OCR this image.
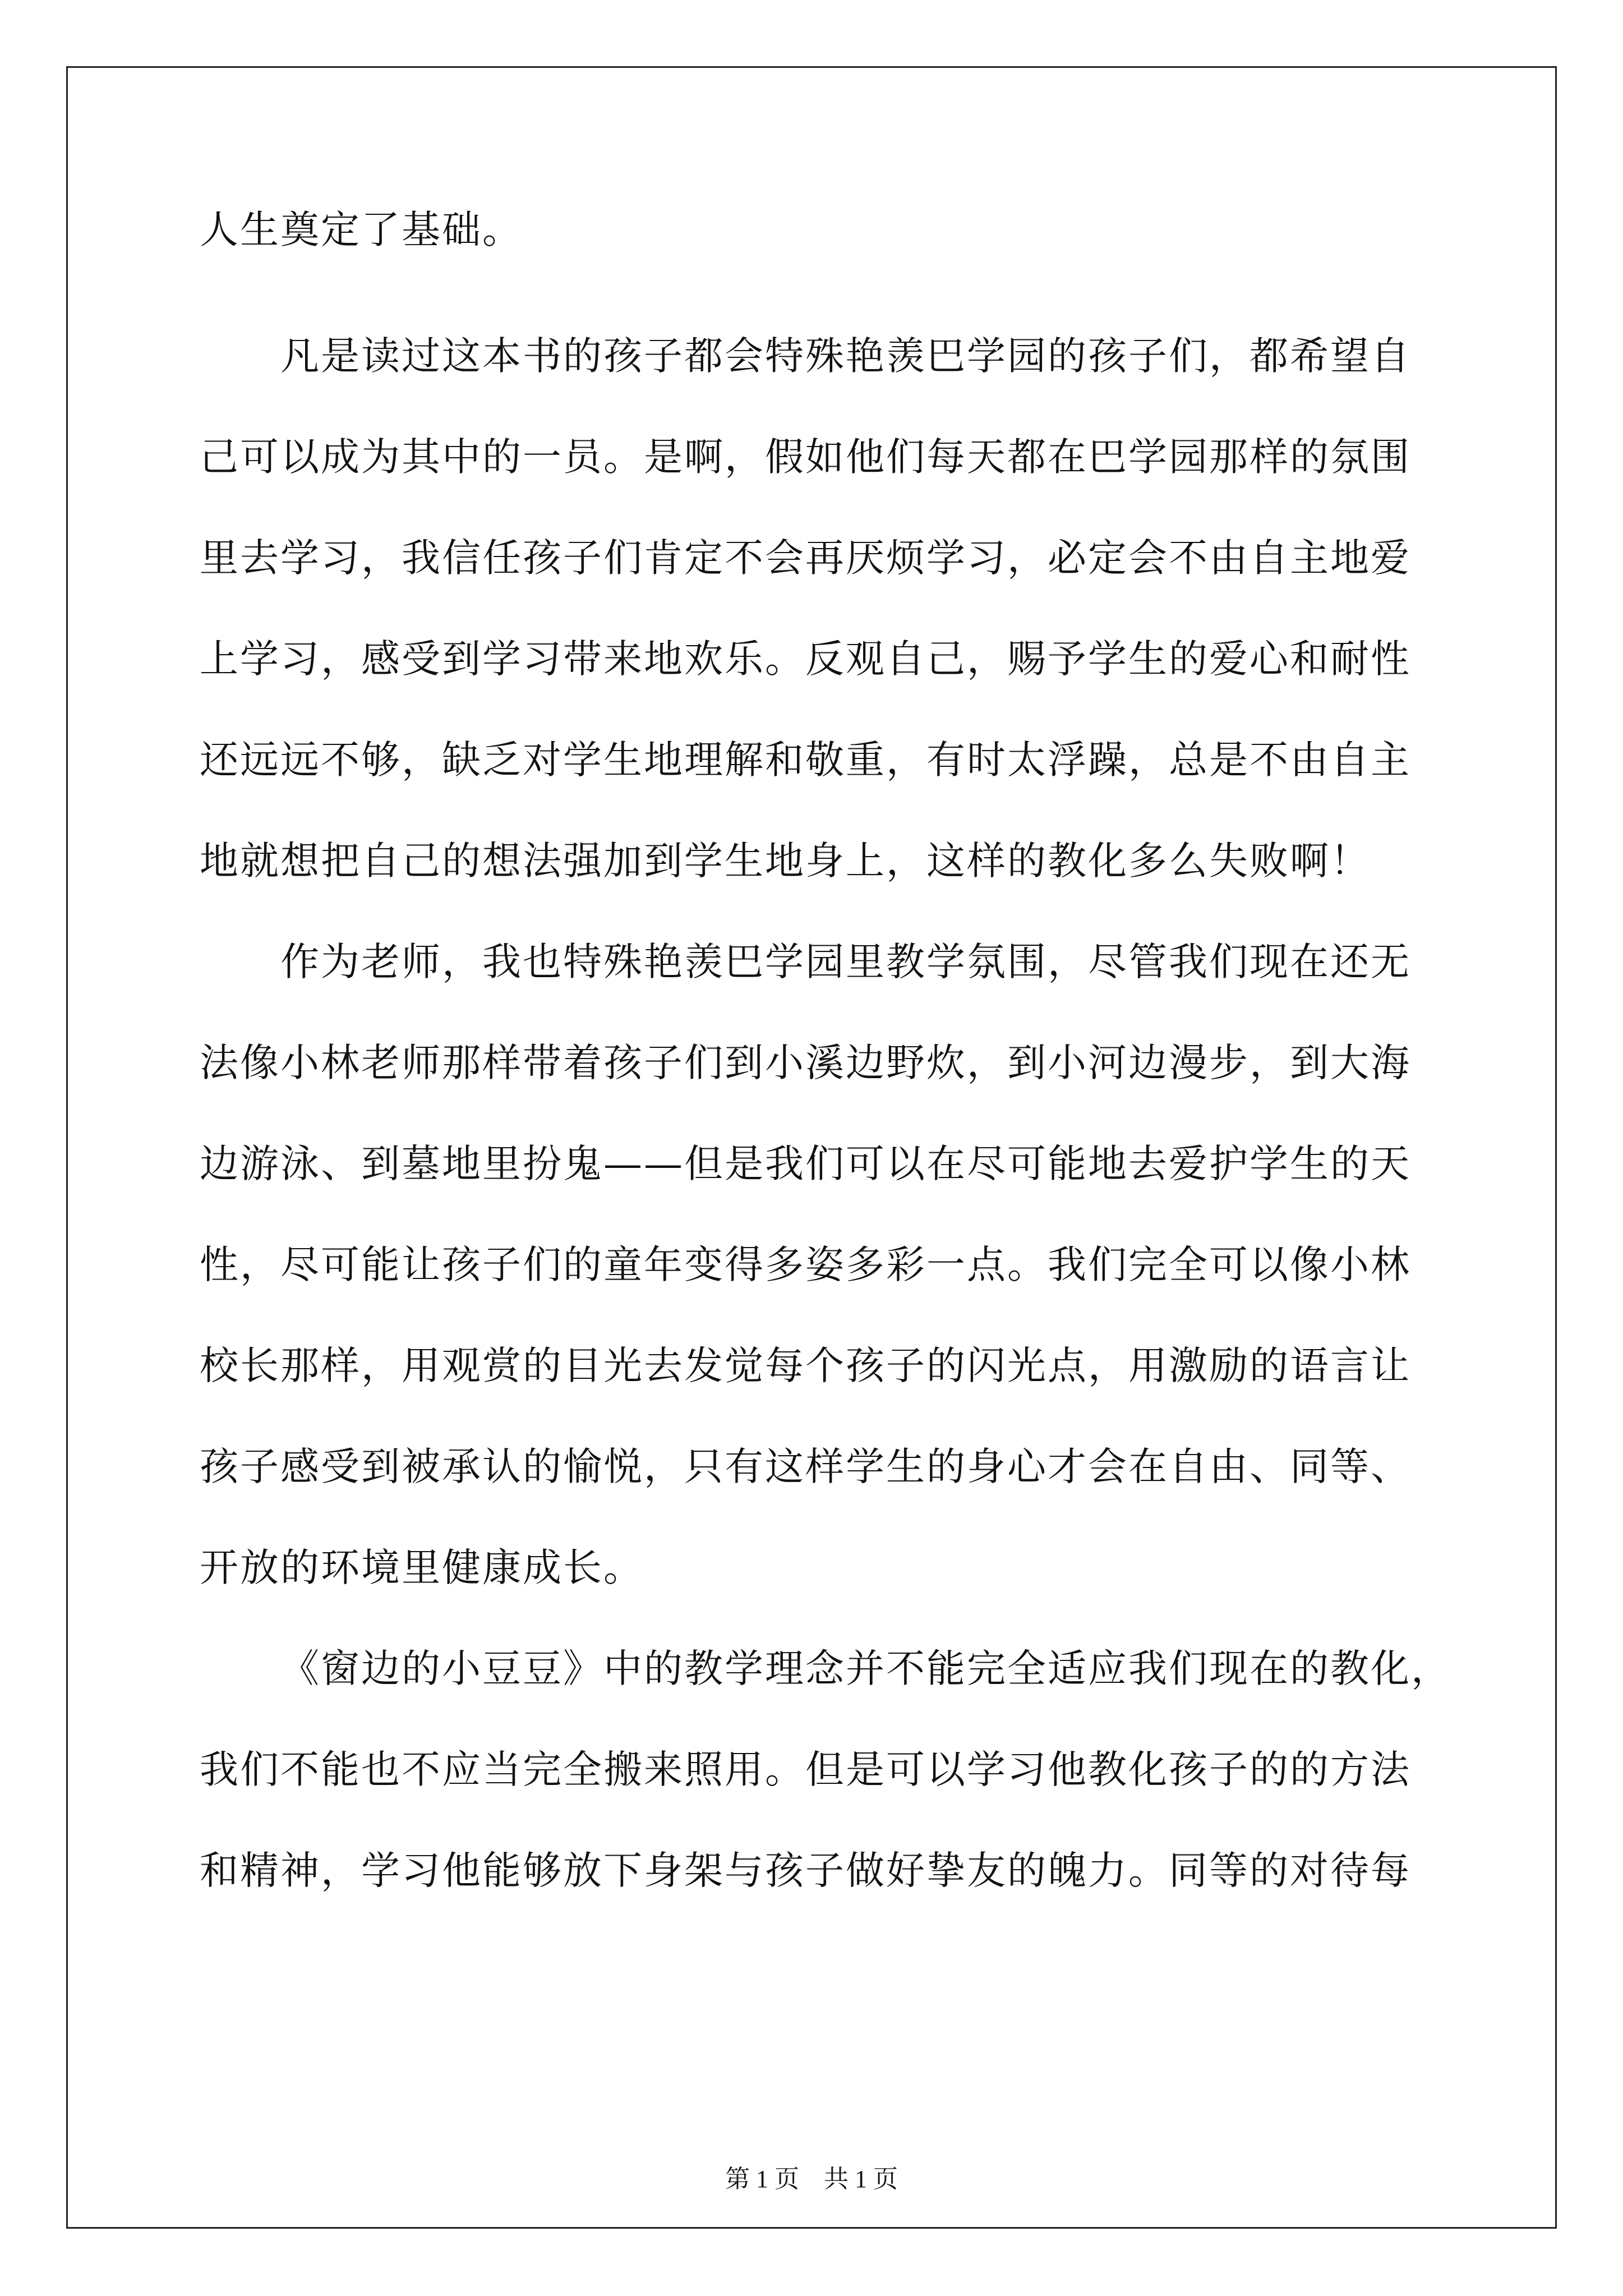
人生奠定了基础。
凡是读过这本书的孩子都会特殊艳羡巴学园的孩子们，都希望自
己可以成为其中的一员。是啊，假如他们每天都在巴学园那样的氛围
里去学习，我信任孩子们肯定不会再厌烦学习，必定会不由自主地爱
上学习，感受到学习带来地欢乐。反观自己，赐予学生的爱心和耐性
还远远不够，缺乏对学生地理解和敬重，有时太浮躁，总是不由自主
地就想把自己的想法强加到学生地身上，这样的教化多么失败啊！
作为老师，我也特殊艳羡巴学园里教学氛围，尽管我们现在还无
法像小林老师那样带着孩子们到小溪边野炊，到小河边漫步，到大海
边游泳、到墓地里扮鬼——但是我们可以在尽可能地去爱护学生的天
性，尽可能让孩子们的童年变得多姿多彩一点。我们完全可以像小林
校长那样，用观赏的目光去发觉每个孩子的闪光点，用激励的语言让
孩子感受到被承认的愉悦，只有这样学生的身心才会在自由、同等、
开放的环境里健康成长。
《窗边的小豆豆》中的教学理念并不能完全适应我们现在的教化，
我们不能也不应当完全搬来照用。但是可以学习他教化孩子的的方法
和精神，学习他能够放下身架与孩子做好挚友的魄力。同等的对待每
第 1 页　共 1 页
